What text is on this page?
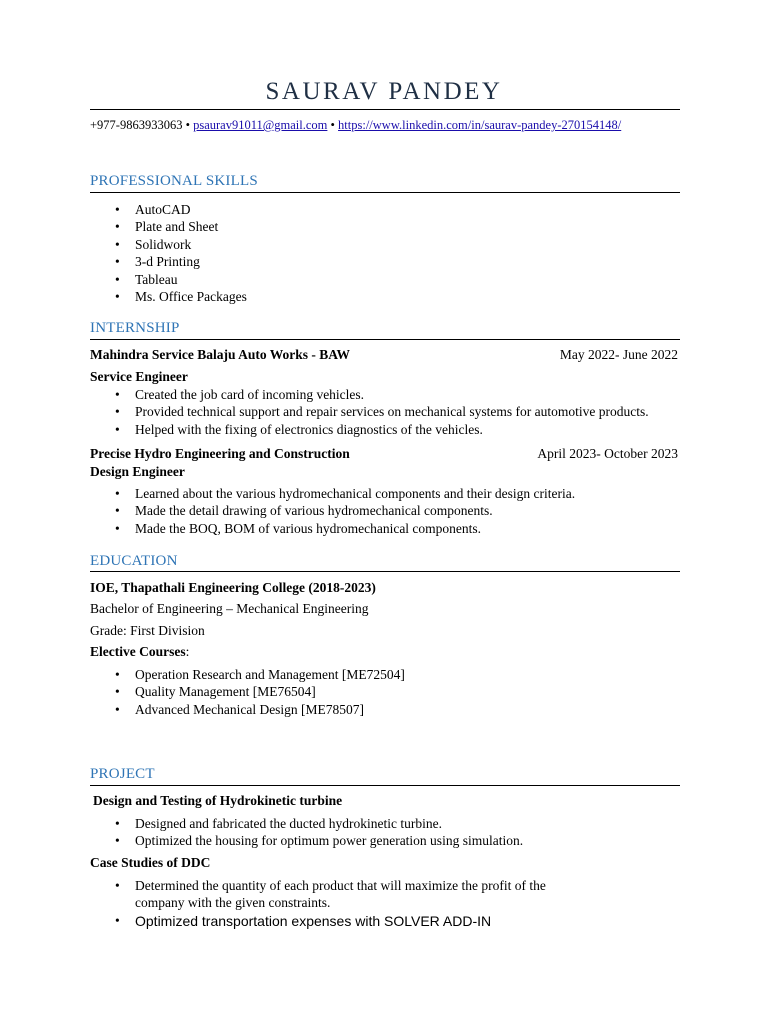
SAURAV PANDEY
+977-9863933063 • psaurav91011@gmail.com • https://www.linkedin.com/in/saurav-pandey-270154148/
PROFESSIONAL SKILLS
• AutoCAD
• Plate and Sheet
• Solidwork
• 3-d Printing
• Tableau
• Ms. Office Packages
INTERNSHIP
Mahindra Service Balaju Auto Works - BAW	May 2022- June 2022
Service Engineer
• Created the job card of incoming vehicles.
• Provided technical support and repair services on mechanical systems for automotive products.
• Helped with the fixing of electronics diagnostics of the vehicles.
Precise Hydro Engineering and Construction	April 2023- October 2023
Design Engineer
• Learned about the various hydromechanical components and their design criteria.
• Made the detail drawing of various hydromechanical components.
• Made the BOQ, BOM of various hydromechanical components.
EDUCATION
IOE, Thapathali Engineering College (2018-2023)
Bachelor of Engineering – Mechanical Engineering
Grade: First Division
Elective Courses:
• Operation Research and Management [ME72504]
• Quality Management [ME76504]
• Advanced Mechanical Design [ME78507]
PROJECT
Design and Testing of Hydrokinetic turbine
• Designed and fabricated the ducted hydrokinetic turbine.
• Optimized the housing for optimum power generation using simulation.
Case Studies of DDC
• Determined the quantity of each product that will maximize the profit of the
company with the given constraints.
• Optimized transportation expenses with SOLVER ADD-IN
